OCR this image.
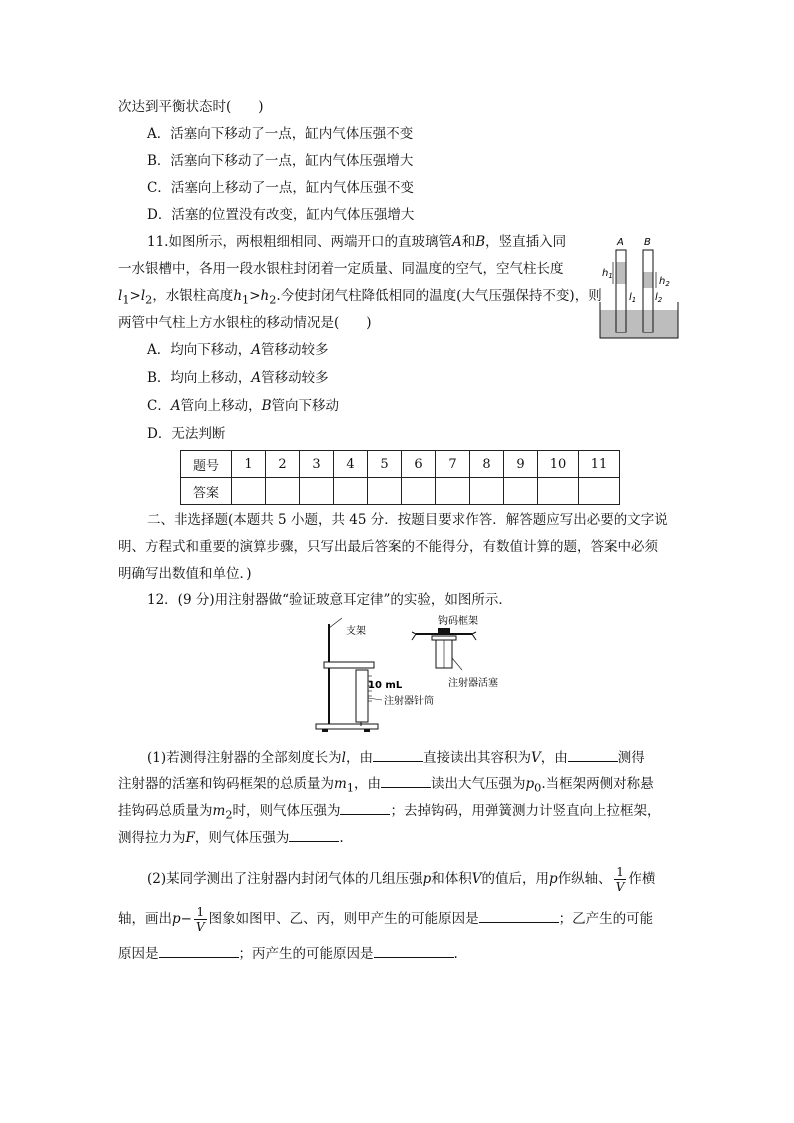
次达到平衡状态时(　　)
A．活塞向下移动了一点，缸内气体压强不变
B．活塞向下移动了一点，缸内气体压强增大
C．活塞向上移动了一点，缸内气体压强不变
D．活塞的位置没有改变，缸内气体压强增大
11.如图所示，两根粗细相同、两端开口的直玻璃管A和B，竖直插入同
一水银槽中，各用一段水银柱封闭着一定质量、同温度的空气，空气柱长度
$l_1>l_2$，水银柱高度$h_1>h_2$.今使封闭气柱降低相同的温度(大气压强保持不变)，则
两管中气柱上方水银柱的移动情况是(　　)
A．均向下移动，A管移动较多
B．均向上移动，A管移动较多
C．A管向上移动，B管向下移动
D．无法判断
A B
$h_1$	$h_2$
$l_1$ $l_2$
题号	1	2	3	4	5	6	7	8	9	10	11
答案											
二、非选择题(本题共 5 小题，共 45 分．按题目要求作答．解答题应写出必要的文字说
明、方程式和重要的演算步骤，只写出最后答案的不能得分，有数值计算的题，答案中必须
明确写出数值和单位．)
12．(9 分)用注射器做“验证玻意耳定律”的实验，如图所示．
支架
10 mL
注射器针筒
钩码框架
注射器活塞
(1)若测得注射器的全部刻度长为l，由	直接读出其容积为V，由	测得
注射器的活塞和钩码框架的总质量为$m_1$，由	读出大气压强为$p_0$.当框架两侧对称悬
挂钩码总质量为$m_2$时，则气体压强为	；去掉钩码，用弹簧测力计竖直向上拉框架，
测得拉力为F，则气体压强为	.
(2)某同学测出了注射器内封闭气体的几组压强p和体积V的值后，用p作纵轴、 $\frac{1}{V}$ 作横
轴，画出$p- \frac{1}{V}$ 图象如图甲、乙、丙，则甲产生的可能原因是	；乙产生的可能
原因是	；丙产生的可能原因是	.
